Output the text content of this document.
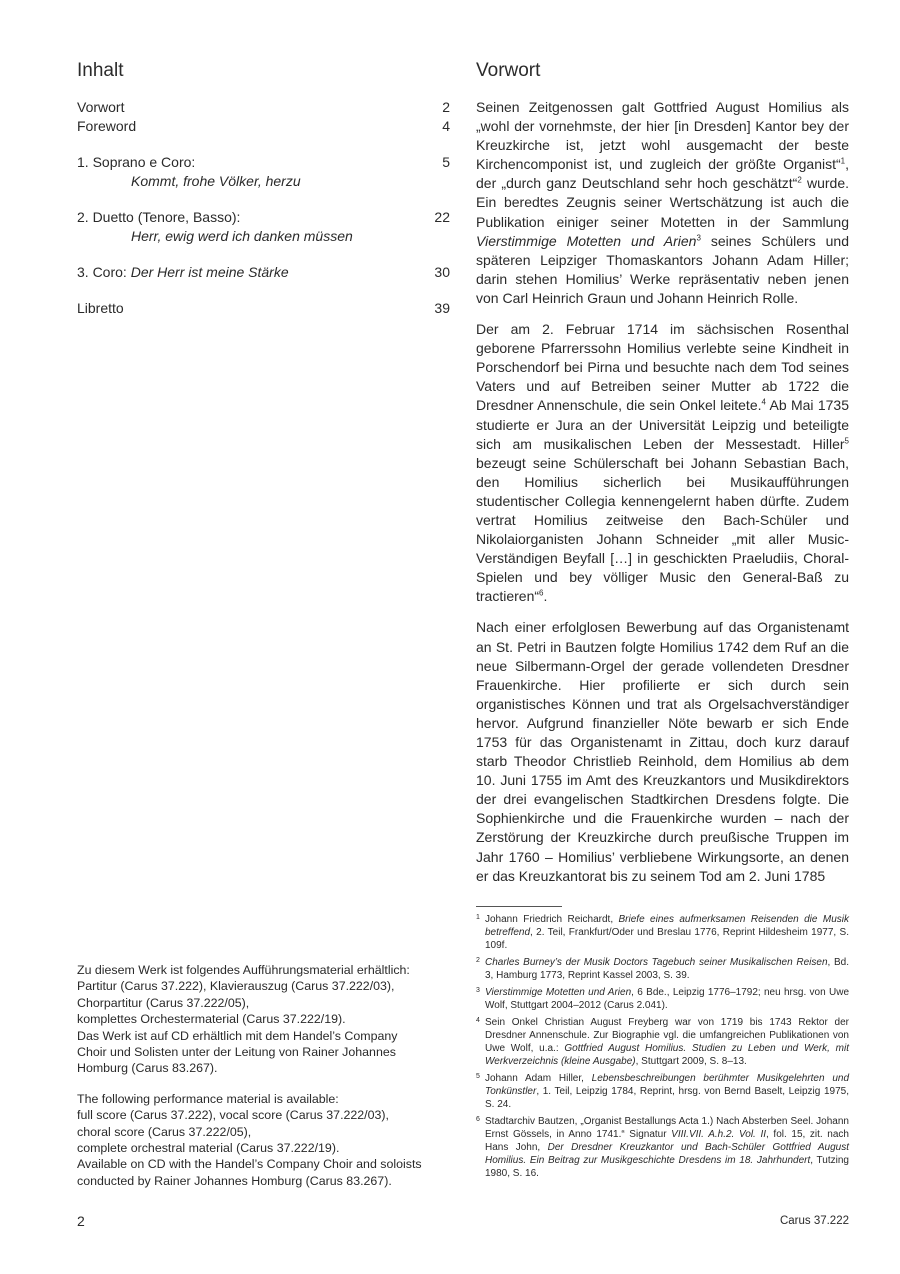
Inhalt	Vorwort
Vorwort	2
Foreword	4
1. Soprano e Coro:	5
Kommt, frohe Völker, herzu
2. Duetto (Tenore, Basso):	22
Herr, ewig werd ich danken müssen
3. Coro: Der Herr ist meine Stärke	30
Libretto	39

Seinen Zeitgenossen galt Gottfried August Homilius als „wohl der vornehmste, der hier [in Dresden] Kantor bey der Kreuzkirche ist, jetzt wohl ausgemacht der beste Kirchencomponist ist, und zugleich der größte Organist“$^1$, der „durch ganz Deutschland sehr hoch geschätzt“$^2$ wurde. Ein beredtes Zeugnis seiner Wertschätzung ist auch die Publikation einiger seiner Motetten in der Sammlung Vierstimmige Motetten und Arien$^3$ seines Schülers und späteren Leipziger Thomaskantors Johann Adam Hiller; darin stehen Homilius’ Werke repräsentativ neben jenen von Carl Heinrich Graun und Johann Heinrich Rolle.

Der am 2. Februar 1714 im sächsischen Rosenthal geborene Pfarrerssohn Homilius verlebte seine Kindheit in Porschendorf bei Pirna und besuchte nach dem Tod seines Vaters und auf Betreiben seiner Mutter ab 1722 die Dresdner Annenschule, die sein Onkel leitete.$^4$ Ab Mai 1735 studierte er Jura an der Universität Leipzig und beteiligte sich am musikalischen Leben der Messestadt. Hiller$^5$ bezeugt seine Schülerschaft bei Johann Sebastian Bach, den Homilius sicherlich bei Musikaufführungen studentischer Collegia kennengelernt haben dürfte. Zudem vertrat Homilius zeitweise den Bach-Schüler und Nikolaiorganisten Johann Schneider „mit aller Music-Verständigen Beyfall […] in geschickten Praeludiis, Choral-Spielen und bey völliger Music den General-Baß zu tractieren“$^6$.

Nach einer erfolglosen Bewerbung auf das Organistenamt an St. Petri in Bautzen folgte Homilius 1742 dem Ruf an die neue Silbermann-Orgel der gerade vollendeten Dresdner Frauenkirche. Hier profilierte er sich durch sein organistisches Können und trat als Orgelsachverständiger hervor. Aufgrund finanzieller Nöte bewarb er sich Ende 1753 für das Organistenamt in Zittau, doch kurz darauf starb Theodor Christlieb Reinhold, dem Homilius ab dem 10. Juni 1755 im Amt des Kreuzkantors und Musikdirektors der drei evangelischen Stadtkirchen Dresdens folgte. Die Sophienkirche und die Frauenkirche wurden – nach der Zerstörung der Kreuzkirche durch preußische Truppen im Jahr 1760 – Homilius’ verbliebene Wirkungsorte, an denen er das Kreuzkantorat bis zu seinem Tod am 2. Juni 1785

Zu diesem Werk ist folgendes Aufführungsmaterial erhältlich:
Partitur (Carus 37.222), Klavierauszug (Carus 37.222/03),
Chorpartitur (Carus 37.222/05),
komplettes Orchestermaterial (Carus 37.222/19).
Das Werk ist auf CD erhältlich mit dem Handel’s Company
Choir und Solisten unter der Leitung von Rainer Johannes
Homburg (Carus 83.267).

The following performance material is available:
full score (Carus 37.222), vocal score (Carus 37.222/03),
choral score (Carus 37.222/05),
complete orchestral material (Carus 37.222/19).
Available on CD with the Handel’s Company Choir and soloists
conducted by Rainer Johannes Homburg (Carus 83.267).

1 Johann Friedrich Reichardt, Briefe eines aufmerksamen Reisenden die Musik betreffend, 2. Teil, Frankfurt/Oder und Breslau 1776, Reprint Hildesheim 1977, S. 109f.
2 Charles Burney’s der Musik Doctors Tagebuch seiner Musikalischen Reisen, Bd. 3, Hamburg 1773, Reprint Kassel 2003, S. 39.
3 Vierstimmige Motetten und Arien, 6 Bde., Leipzig 1776–1792; neu hrsg. von Uwe Wolf, Stuttgart 2004–2012 (Carus 2.041).
4 Sein Onkel Christian August Freyberg war von 1719 bis 1743 Rektor der Dresdner Annenschule. Zur Biographie vgl. die umfangreichen Publikationen von Uwe Wolf, u.a.: Gottfried August Homilius. Studien zu Leben und Werk, mit Werkverzeichnis (kleine Ausgabe), Stuttgart 2009, S. 8–13.
5 Johann Adam Hiller, Lebensbeschreibungen berühmter Musikgelehrten und Tonkünstler, 1. Teil, Leipzig 1784, Reprint, hrsg. von Bernd Baselt, Leipzig 1975, S. 24.
6 Stadtarchiv Bautzen, „Organist Bestallungs Acta 1.) Nach Absterben Seel. Johann Ernst Gössels, in Anno 1741.“ Signatur VIII.VII. A.h.2. Vol. II, fol. 15, zit. nach Hans John, Der Dresdner Kreuzkantor und Bach-Schüler Gottfried August Homilius. Ein Beitrag zur Musikgeschichte Dresdens im 18. Jahrhundert, Tutzing 1980, S. 16.
2	Carus 37.222
